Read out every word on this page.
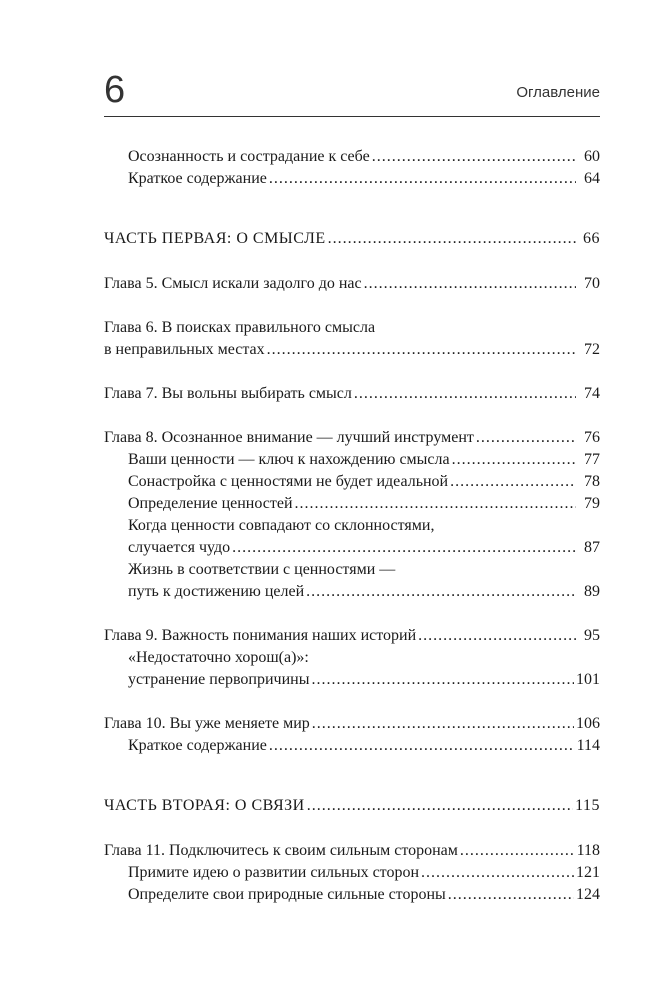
6	Оглавление
Осознанность и сострадание к себе .....	60
Краткое содержание .....	64
ЧАСТЬ ПЕРВАЯ: О СМЫСЛЕ .....	66
Глава 5. Смысл искали задолго до нас .....	70
Глава 6. В поисках правильного смысла
в неправильных местах .....	72
Глава 7. Вы вольны выбирать смысл .....	74
Глава 8. Осознанное внимание — лучший инструмент .....	76
Ваши ценности — ключ к нахождению смысла .....	77
Сонастройка с ценностями не будет идеальной .....	78
Определение ценностей .....	79
Когда ценности совпадают со склонностями,
случается чудо .....	87
Жизнь в соответствии с ценностями —
путь к достижению целей .....	89
Глава 9. Важность понимания наших историй .....	95
«Недостаточно хорош(а)»:
устранение первопричины .....	101
Глава 10. Вы уже меняете мир .....	106
Краткое содержание .....	114
ЧАСТЬ ВТОРАЯ: О СВЯЗИ .....	115
Глава 11. Подключитесь к своим сильным сторонам .....	118
Примите идею о развитии сильных сторон .....	121
Определите свои природные сильные стороны .....	124
